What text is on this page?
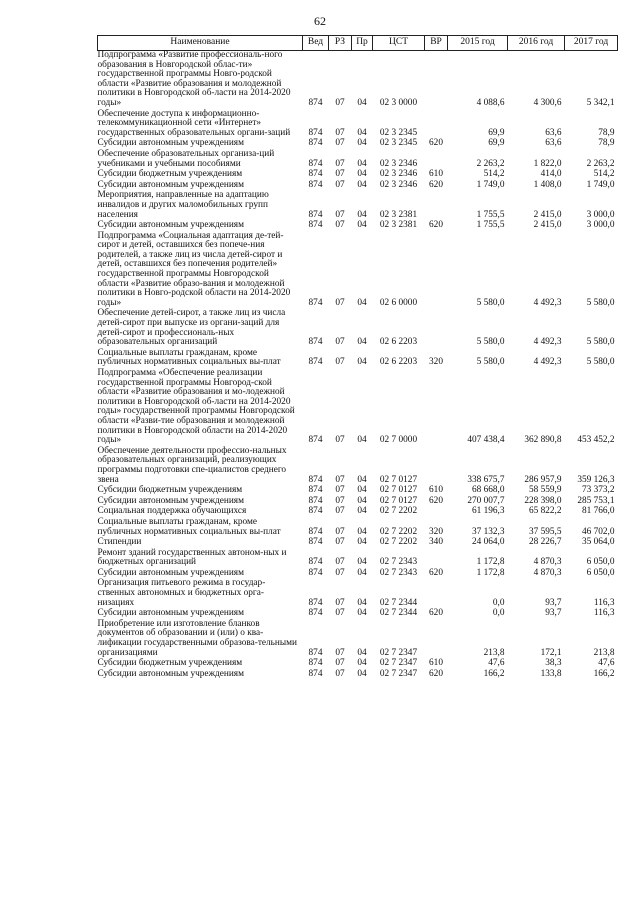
62
Наименование	Вед	РЗ	Пр	ЦСТ	ВР	2015 год	2016 год	2017 год
Подпрограмма «Развитие профессиональ-ного образования в Новгородской облас-ти» государственной программы Новго-родской области «Развитие образования и молодежной политики в Новгородской об-ласти на 2014-2020 годы»	874	07	04	02 3 0000		4 088,6	4 300,6	5 342,1
Обеспечение доступа к информационно-телекоммуникационной сети «Интернет» государственных образовательных органи-заций	874	07	04	02 3 2345		69,9	63,6	78,9
Субсидии автономным учреждениям	874	07	04	02 3 2345	620	69,9	63,6	78,9
Обеспечение образовательных организа-ций учебниками и учебными пособиями	874	07	04	02 3 2346		2 263,2	1 822,0	2 263,2
Субсидии бюджетным учреждениям	874	07	04	02 3 2346	610	514,2	414,0	514,2
Субсидии автономным учреждениям	874	07	04	02 3 2346	620	1 749,0	1 408,0	1 749,0
Мероприятия, направленные на адаптацию инвалидов и других маломобильных групп населения	874	07	04	02 3 2381		1 755,5	2 415,0	3 000,0
Субсидии автономным учреждениям	874	07	04	02 3 2381	620	1 755,5	2 415,0	3 000,0
Подпрограмма «Социальная адаптация де-тей-сирот и детей, оставшихся без попече-ния родителей, а также лиц из числа детей-сирот и детей, оставшихся без попечения родителей» государственной программы Новгородской области «Развитие образо-вания и молодежной политики в Новго-родской области на 2014-2020 годы»	874	07	04	02 6 0000		5 580,0	4 492,3	5 580,0
Обеспечение детей-сирот, а также лиц из числа детей-сирот при выпуске из органи-заций для детей-сирот и профессиональ-ных образовательных организаций	874	07	04	02 6 2203		5 580,0	4 492,3	5 580,0
Социальные выплаты гражданам, кроме публичных нормативных социальных вы-плат	874	07	04	02 6 2203	320	5 580,0	4 492,3	5 580,0
Подпрограмма «Обеспечение реализации государственной программы Новгород-ской области «Развитие образования и мо-лодежной политики в Новгородской об-ласти на 2014-2020 годы» государственной программы Новгородской области «Разви-тие образования и молодежной политики в Новгородской области на 2014-2020 годы»	874	07	04	02 7 0000		407 438,4	362 890,8	453 452,2
Обеспечение деятельности профессио-нальных образовательных организаций, реализующих программы подготовки спе-циалистов среднего звена	874	07	04	02 7 0127		338 675,7	286 957,9	359 126,3
Субсидии бюджетным учреждениям	874	07	04	02 7 0127	610	68 668,0	58 559,9	73 373,2
Субсидии автономным учреждениям	874	07	04	02 7 0127	620	270 007,7	228 398,0	285 753,1
Социальная поддержка обучающихся	874	07	04	02 7 2202		61 196,3	65 822,2	81 766,0
Социальные выплаты гражданам, кроме публичных нормативных социальных вы-плат	874	07	04	02 7 2202	320	37 132,3	37 595,5	46 702,0
Стипендии	874	07	04	02 7 2202	340	24 064,0	28 226,7	35 064,0
Ремонт зданий государственных автоном-ных и бюджетных организаций	874	07	04	02 7 2343		1 172,8	4 870,3	6 050,0
Субсидии автономным учреждениям	874	07	04	02 7 2343	620	1 172,8	4 870,3	6 050,0
Организация питьевого режима в государ-ственных автономных и бюджетных орга-низациях	874	07	04	02 7 2344		0,0	93,7	116,3
Субсидии автономным учреждениям	874	07	04	02 7 2344	620	0,0	93,7	116,3
Приобретение или изготовление бланков документов об образовании и (или) о ква-лификации государственными образова-тельными организациями	874	07	04	02 7 2347		213,8	172,1	213,8
Субсидии бюджетным учреждениям	874	07	04	02 7 2347	610	47,6	38,3	47,6
Субсидии автономным учреждениям	874	07	04	02 7 2347	620	166,2	133,8	166,2
